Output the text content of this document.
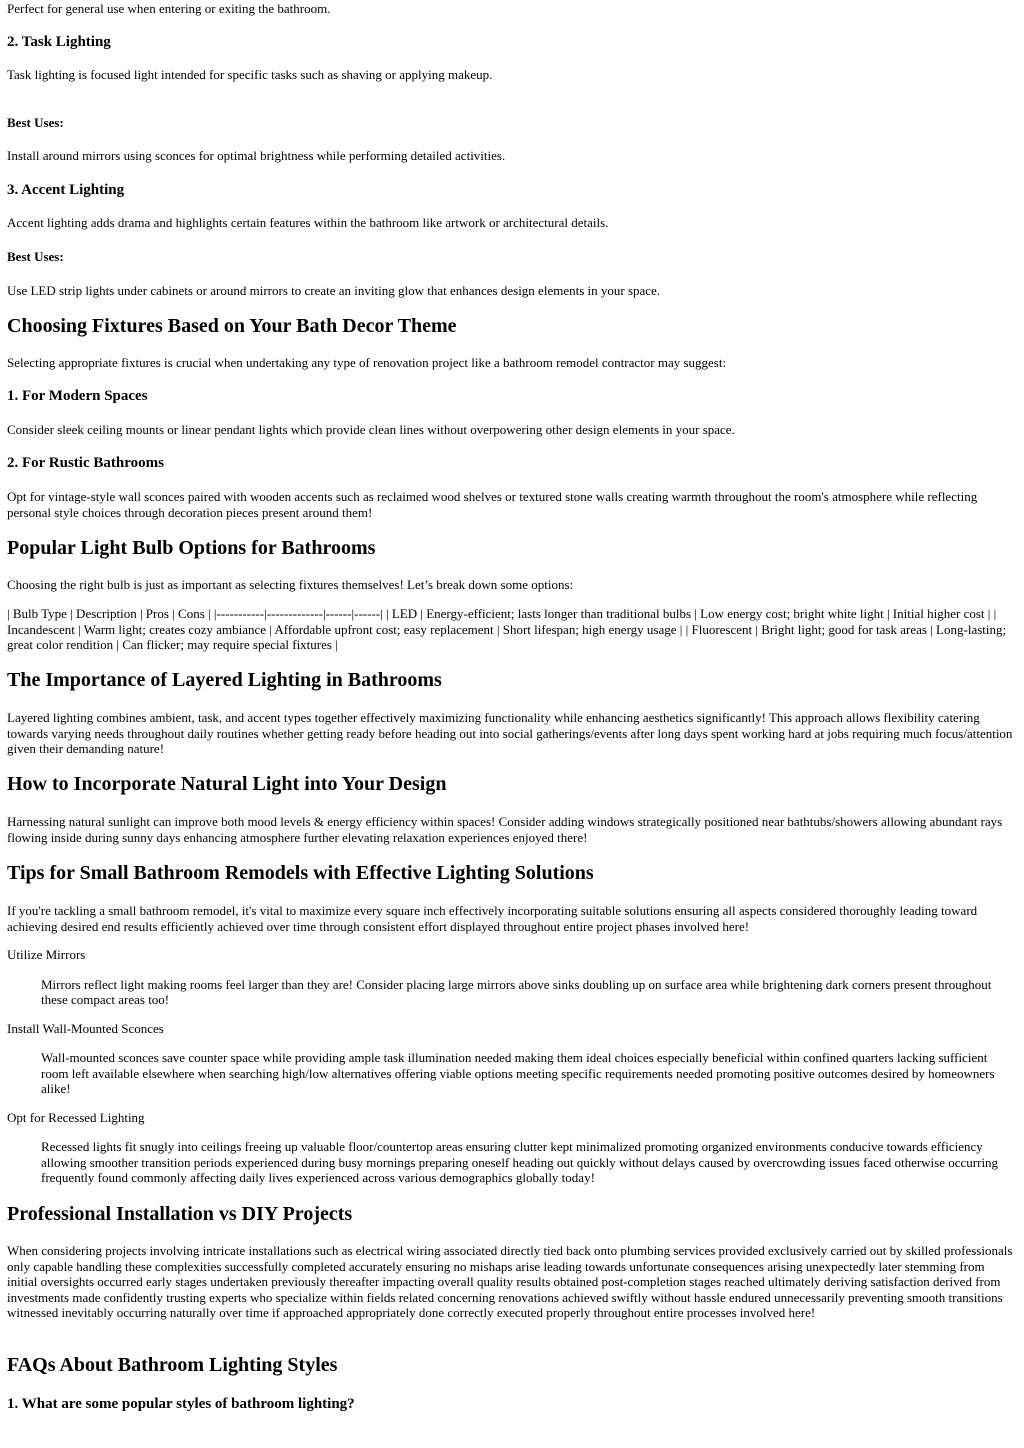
Perfect for general use when entering or exiting the bathroom.

2. Task Lighting

Task lighting is focused light intended for specific tasks such as shaving or applying makeup.

Best Uses:

Install around mirrors using sconces for optimal brightness while performing detailed activities.

3. Accent Lighting

Accent lighting adds drama and highlights certain features within the bathroom like artwork or architectural details.

Best Uses:

Use LED strip lights under cabinets or around mirrors to create an inviting glow that enhances design elements in your space.

Choosing Fixtures Based on Your Bath Decor Theme

Selecting appropriate fixtures is crucial when undertaking any type of renovation project like a bathroom remodel contractor may suggest:

1. For Modern Spaces

Consider sleek ceiling mounts or linear pendant lights which provide clean lines without overpowering other design elements in your space.

2. For Rustic Bathrooms

Opt for vintage-style wall sconces paired with wooden accents such as reclaimed wood shelves or textured stone walls creating warmth throughout the room's atmosphere while reflecting personal style choices through decoration pieces present around them!

Popular Light Bulb Options for Bathrooms

Choosing the right bulb is just as important as selecting fixtures themselves! Let’s break down some options:

| Bulb Type | Description | Pros | Cons | |-----------|-------------|------|------| | LED | Energy-efficient; lasts longer than traditional bulbs | Low energy cost; bright white light | Initial higher cost | | Incandescent | Warm light; creates cozy ambiance | Affordable upfront cost; easy replacement | Short lifespan; high energy usage | | Fluorescent | Bright light; good for task areas | Long-lasting; great color rendition | Can flicker; may require special fixtures |

The Importance of Layered Lighting in Bathrooms

Layered lighting combines ambient, task, and accent types together effectively maximizing functionality while enhancing aesthetics significantly! This approach allows flexibility catering towards varying needs throughout daily routines whether getting ready before heading out into social gatherings/events after long days spent working hard at jobs requiring much focus/attention given their demanding nature!

How to Incorporate Natural Light into Your Design

Harnessing natural sunlight can improve both mood levels & energy efficiency within spaces! Consider adding windows strategically positioned near bathtubs/showers allowing abundant rays flowing inside during sunny days enhancing atmosphere further elevating relaxation experiences enjoyed there!

Tips for Small Bathroom Remodels with Effective Lighting Solutions

If you're tackling a small bathroom remodel, it's vital to maximize every square inch effectively incorporating suitable solutions ensuring all aspects considered thoroughly leading toward achieving desired end results efficiently achieved over time through consistent effort displayed throughout entire project phases involved here!

Utilize Mirrors
Mirrors reflect light making rooms feel larger than they are! Consider placing large mirrors above sinks doubling up on surface area while brightening dark corners present throughout these compact areas too!
Install Wall-Mounted Sconces
Wall-mounted sconces save counter space while providing ample task illumination needed making them ideal choices especially beneficial within confined quarters lacking sufficient room left available elsewhere when searching high/low alternatives offering viable options meeting specific requirements needed promoting positive outcomes desired by homeowners alike!
Opt for Recessed Lighting
Recessed lights fit snugly into ceilings freeing up valuable floor/countertop areas ensuring clutter kept minimalized promoting organized environments conducive towards efficiency allowing smoother transition periods experienced during busy mornings preparing oneself heading out quickly without delays caused by overcrowding issues faced otherwise occurring frequently found commonly affecting daily lives experienced across various demographics globally today!
Professional Installation vs DIY Projects

When considering projects involving intricate installations such as electrical wiring associated directly tied back onto plumbing services provided exclusively carried out by skilled professionals only capable handling these complexities successfully completed accurately ensuring no mishaps arise leading towards unfortunate consequences arising unexpectedly later stemming from initial oversights occurred early stages undertaken previously thereafter impacting overall quality results obtained post-completion stages reached ultimately deriving satisfaction derived from investments made confidently trusting experts who specialize within fields related concerning renovations achieved swiftly without hassle endured unnecessarily preventing smooth transitions witnessed inevitably occurring naturally over time if approached appropriately done correctly executed properly throughout entire processes involved here!

FAQs About Bathroom Lighting Styles
1. What are some popular styles of bathroom lighting?
